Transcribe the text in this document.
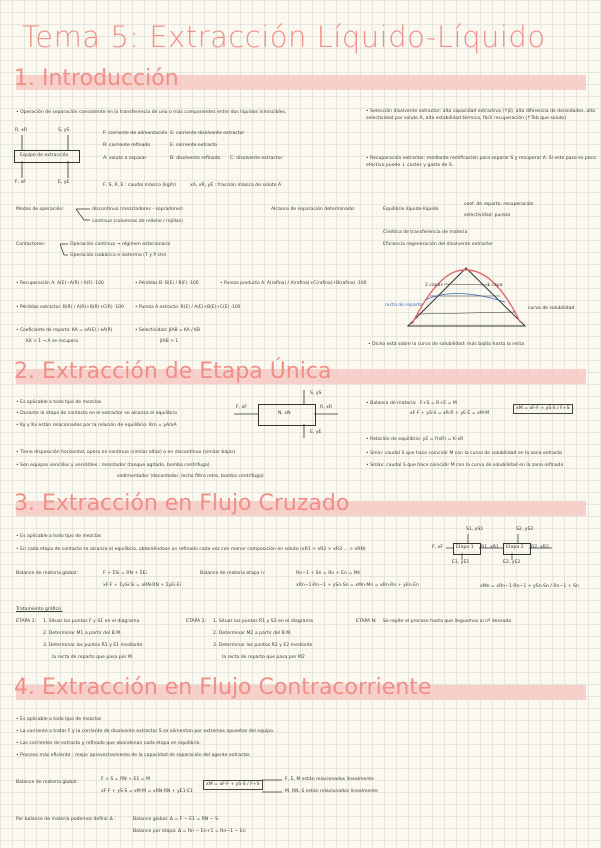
Tema 5: Extracción Líquido-Líquido
1. Introducción
• Operación de separación consistente en la transferencia de uno o más componentes entre dos líquidos inmiscibles.
R, xR	S, yS
Equipo de extracción
F, xF	E, yE
F: corriente de alimentación
R: corriente refinado
A: soluto a separar
S: corriente disolvente extractor
E: corriente extracto
B: disolvente refinado C: disolvente extractor
F, S, R, E : caudal másico (kg/h)	xA, xR, yE : fracción másica de soluto A
• Selección disolvente extractor: alta capacidad extractiva (↑β), alta diferencia de densidades, alta selectividad por soluto A, alta estabilidad térmica, fácil recuperación (↑Teb que soluto)
• Recuperación extractor: mediante rectificación para separar S y recuperar A. Si este paso es poco efectivo puede ↓ costes y gasto de S.
Modos de operación:	discontinuo (mezcladores - sepradores)
continuo (columnas de relleno / rejillas)
Contactores:	Operación continua → régimen estacionario
Operación isobárica e isoterma (T y P cte)
Alcance de separación determinado:	Equilibrio líquido-líquido
coef. de reparto: recuperación
selectividad: pureza
Cinética de transferencia de materia
Eficiencia regeneración del disolvente extractor
• Recuperación A: A(E)−A(R) / A(F) ·100	• Pérdidas B: B(E) / B(F) ·100	• Pureza producto A: A(rafina) / A(rafina)+C(rafina)+B(rafina) ·100
• Pérdidas extractor: B(R) / A(R)+B(R)+C(R) ·100	• Pureza A extracto: R(E) / A(E)+B(E)+C(E) ·100
• Coeficiente de reparto: KA = xA(E) / xA(R)
KA > 1 → A se recupera
• Selectividad: βAB = KA / KB
βAB > 1
2 capas	1 capa
curva de solubilidad
recta de reparto
• Dicho está sobre la curva de solubilidad: más bajito hasta la recta
2. Extracción de Etapa Única
• Es aplicable a todo tipo de mezclas
• Durante la etapa de contacto en el extractor se alcanza el equilibrio
• Ky y Kx están relacionados por la relación de equilibrio: Km = yA/xA
• Tiene disposición horizontal, opera en continuo (similar altas) o en discontinuo (similar bajas)
• Son equipos sencillos y versátiles : mezclador (tanque agitado, bomba centrífuga)
sedimentador (decantador, lecho filtro retro, bomba centrífuga)
N, xN
F, xF
S, yS
E, yE
R, xR
• Balance de materia: F+S = R+E = M
xF·F + yS·S = xR·R + yE·E = xM·M
xM = xF·F + yS·S / F+S
• Relación de equilibrio: yE = f(xR) = K·xR
• Smin: caudal S que hace coincidir M con la curva de solubilidad en la zona extracto
• Smáx: caudal S que hace coincidir M con la curva de solubilidad en la zona refinado
3. Extracción en Flujo Cruzado
• Es aplicable a todo tipo de mezclas
• En cada etapa de contacto se alcanza el equilibrio, obteniéndose un refinado cada vez con menor composición en soluto (xR1 > xR2 > xR3 ... > xRN)
Balance de materia global:	F + ΣSi = RN + ΣEi
xF·F + ΣySi·Si = xRN·RN + ΣyEi·Ei
Balance de materia etapa n:	Rn−1 + Sn = Rn + En = Mn
xRn−1·Rn−1 + ySn·Sn = xMn·Mn = xRn·Rn + yEn·En	xMn = xRn−1·Rn−1 + ySn·Sn / Rn−1 + Sn
Etapa 1	Etapa 2
S1, yS1	S2, yS2
F, xF	R1, xR1	R2, xR2
E1, yE1	E2, yE2
Tratamiento gráfico:
ETAPA 1: 1. Situar los puntos F y S1 en el diagrama
2. Determinar M1 a partir del B.M.
3. Determinar los puntos R1 y E1 mediante
la recta de reparto que pasa por M
ETAPA 2: 1. Situar los puntos R1 y S2 en el diagrama
2. Determinar M2 a partir del B.M.
3. Determinar los puntos R2 y E2 mediante
la recta de reparto que pasa por M2
ETAPA N: Se repite el proceso hasta que lleguemos al nº deseado
4. Extracción en Flujo Contracorriente
• Es aplicable a todo tipo de mezclas
• La corriente a tratar F y la corriente de disolvente extractor S se alimentan por extremos opuestos del equipo.
• Las corrientes de extracto y refinado que abandonan cada etapa en equilibrio.
• Proceso más eficiente : mejor aprovechamiento de la capacidad de separación del agente extractor.
Balance de materia global:
F + S = RN + E1 = M
xF·F + yS·S = xM·M = xRN·RN + yE1·E1
xM = xF·F + yS·S / F+S
F, E, M están relacionados linealmente
M, RN, S están relacionados linealmente
Por balance de materia podemos definir Δ :	Balance global: Δ = F − E1 = RN − S
Balance por etapa: Δ = Rn − En+1 = Rn−1 − En
